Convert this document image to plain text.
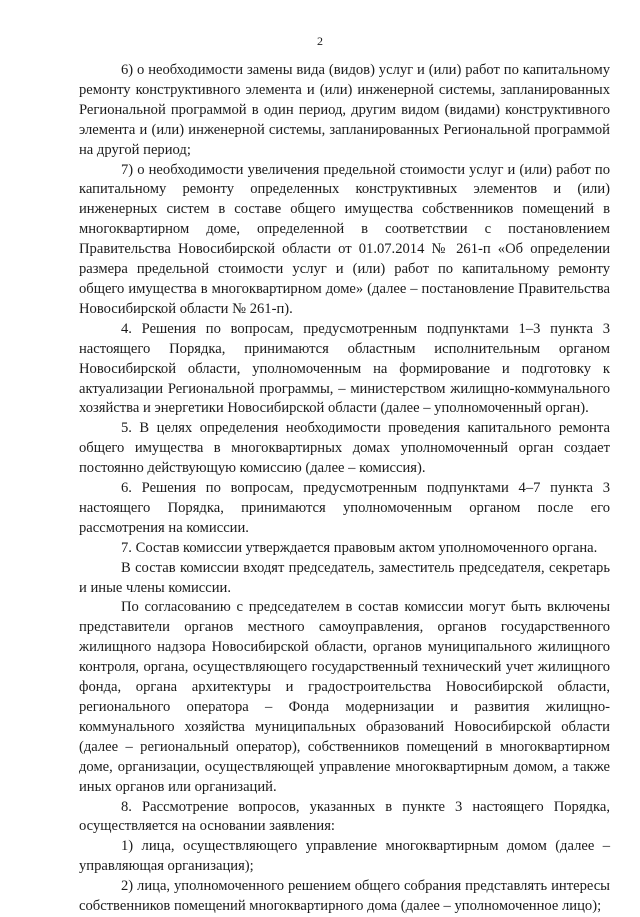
2

6) о необходимости замены вида (видов) услуг и (или) работ по капитальному ремонту конструктивного элемента и (или) инженерной системы, запланированных Региональной программой в один период, другим видом (видами) конструктивного элемента и (или) инженерной системы, запланированных Региональной программой на другой период;

7) о необходимости увеличения предельной стоимости услуг и (или) работ по капитальному ремонту определенных конструктивных элементов и (или) инженерных систем в составе общего имущества собственников помещений в многоквартирном доме, определенной в соответствии с постановлением Правительства Новосибирской области от 01.07.2014 № 261-п «Об определении размера предельной стоимости услуг и (или) работ по капитальному ремонту общего имущества в многоквартирном доме» (далее – постановление Правительства Новосибирской области № 261-п).

4. Решения по вопросам, предусмотренным подпунктами 1–3 пункта 3 настоящего Порядка, принимаются областным исполнительным органом Новосибирской области, уполномоченным на формирование и подготовку к актуализации Региональной программы, – министерством жилищно-коммунального хозяйства и энергетики Новосибирской области (далее – уполномоченный орган).

5. В целях определения необходимости проведения капитального ремонта общего имущества в многоквартирных домах уполномоченный орган создает постоянно действующую комиссию (далее – комиссия).

6. Решения по вопросам, предусмотренным подпунктами 4–7 пункта 3 настоящего Порядка, принимаются уполномоченным органом после его рассмотрения на комиссии.

7. Состав комиссии утверждается правовым актом уполномоченного органа.

В состав комиссии входят председатель, заместитель председателя, секретарь и иные члены комиссии.

По согласованию с председателем в состав комиссии могут быть включены представители органов местного самоуправления, органов государственного жилищного надзора Новосибирской области, органов муниципального жилищного контроля, органа, осуществляющего государственный технический учет жилищного фонда, органа архитектуры и градостроительства Новосибирской области, регионального оператора – Фонда модернизации и развития жилищно-коммунального хозяйства муниципальных образований Новосибирской области (далее – региональный оператор), собственников помещений в многоквартирном доме, организации, осуществляющей управление многоквартирным домом, а также иных органов или организаций.

8. Рассмотрение вопросов, указанных в пункте 3 настоящего Порядка, осуществляется на основании заявления:

1) лица, осуществляющего управление многоквартирным домом (далее – управляющая организация);

2) лица, уполномоченного решением общего собрания представлять интересы собственников помещений многоквартирного дома (далее – уполномоченное лицо);
